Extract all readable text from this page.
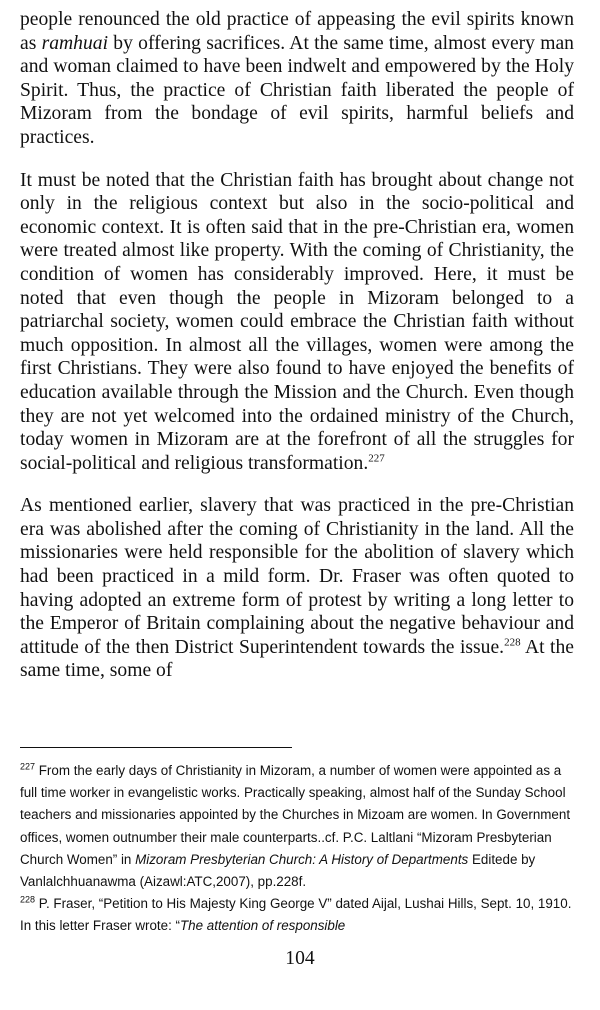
people renounced the old practice of appeasing the evil spirits known as ramhuai by offering sacrifices. At the same time, almost every man and woman claimed to have been indwelt and empowered by the Holy Spirit. Thus, the practice of Christian faith liberated the people of Mizoram from the bondage of evil spirits, harmful beliefs and practices.

It must be noted that the Christian faith has brought about change not only in the religious context but also in the socio-political and economic context. It is often said that in the pre-Christian era, women were treated almost like property. With the coming of Christianity, the condition of women has considerably improved. Here, it must be noted that even though the people in Mizoram belonged to a patriarchal society, women could embrace the Christian faith without much opposition. In almost all the villages, women were among the first Christians. They were also found to have enjoyed the benefits of education available through the Mission and the Church. Even though they are not yet welcomed into the ordained ministry of the Church, today women in Mizoram are at the forefront of all the struggles for social-political and religious transformation.$^{227}$

As mentioned earlier, slavery that was practiced in the pre-Christian era was abolished after the coming of Christianity in the land. All the missionaries were held responsible for the abolition of slavery which had been practiced in a mild form. Dr. Fraser was often quoted to having adopted an extreme form of protest by writing a long letter to the Emperor of Britain complaining about the negative behaviour and attitude of the then District Superintendent towards the issue.$^{228}$ At the same time, some of

$^{227}$ From the early days of Christianity in Mizoram, a number of women were appointed as a full time worker in evangelistic works. Practically speaking, almost half of the Sunday School teachers and missionaries appointed by the Churches in Mizoam are women. In Government offices, women outnumber their male counterparts..cf. P.C. Laltlani “Mizoram Presbyterian Church Women” in Mizoram Presbyterian Church: A History of Departments Editede by Vanlalchhuanawma (Aizawl:ATC,2007), pp.228f.

$^{228}$ P. Fraser, “Petition to His Majesty King George V” dated Aijal, Lushai Hills, Sept. 10, 1910. In this letter Fraser wrote: “The attention of responsible

104
